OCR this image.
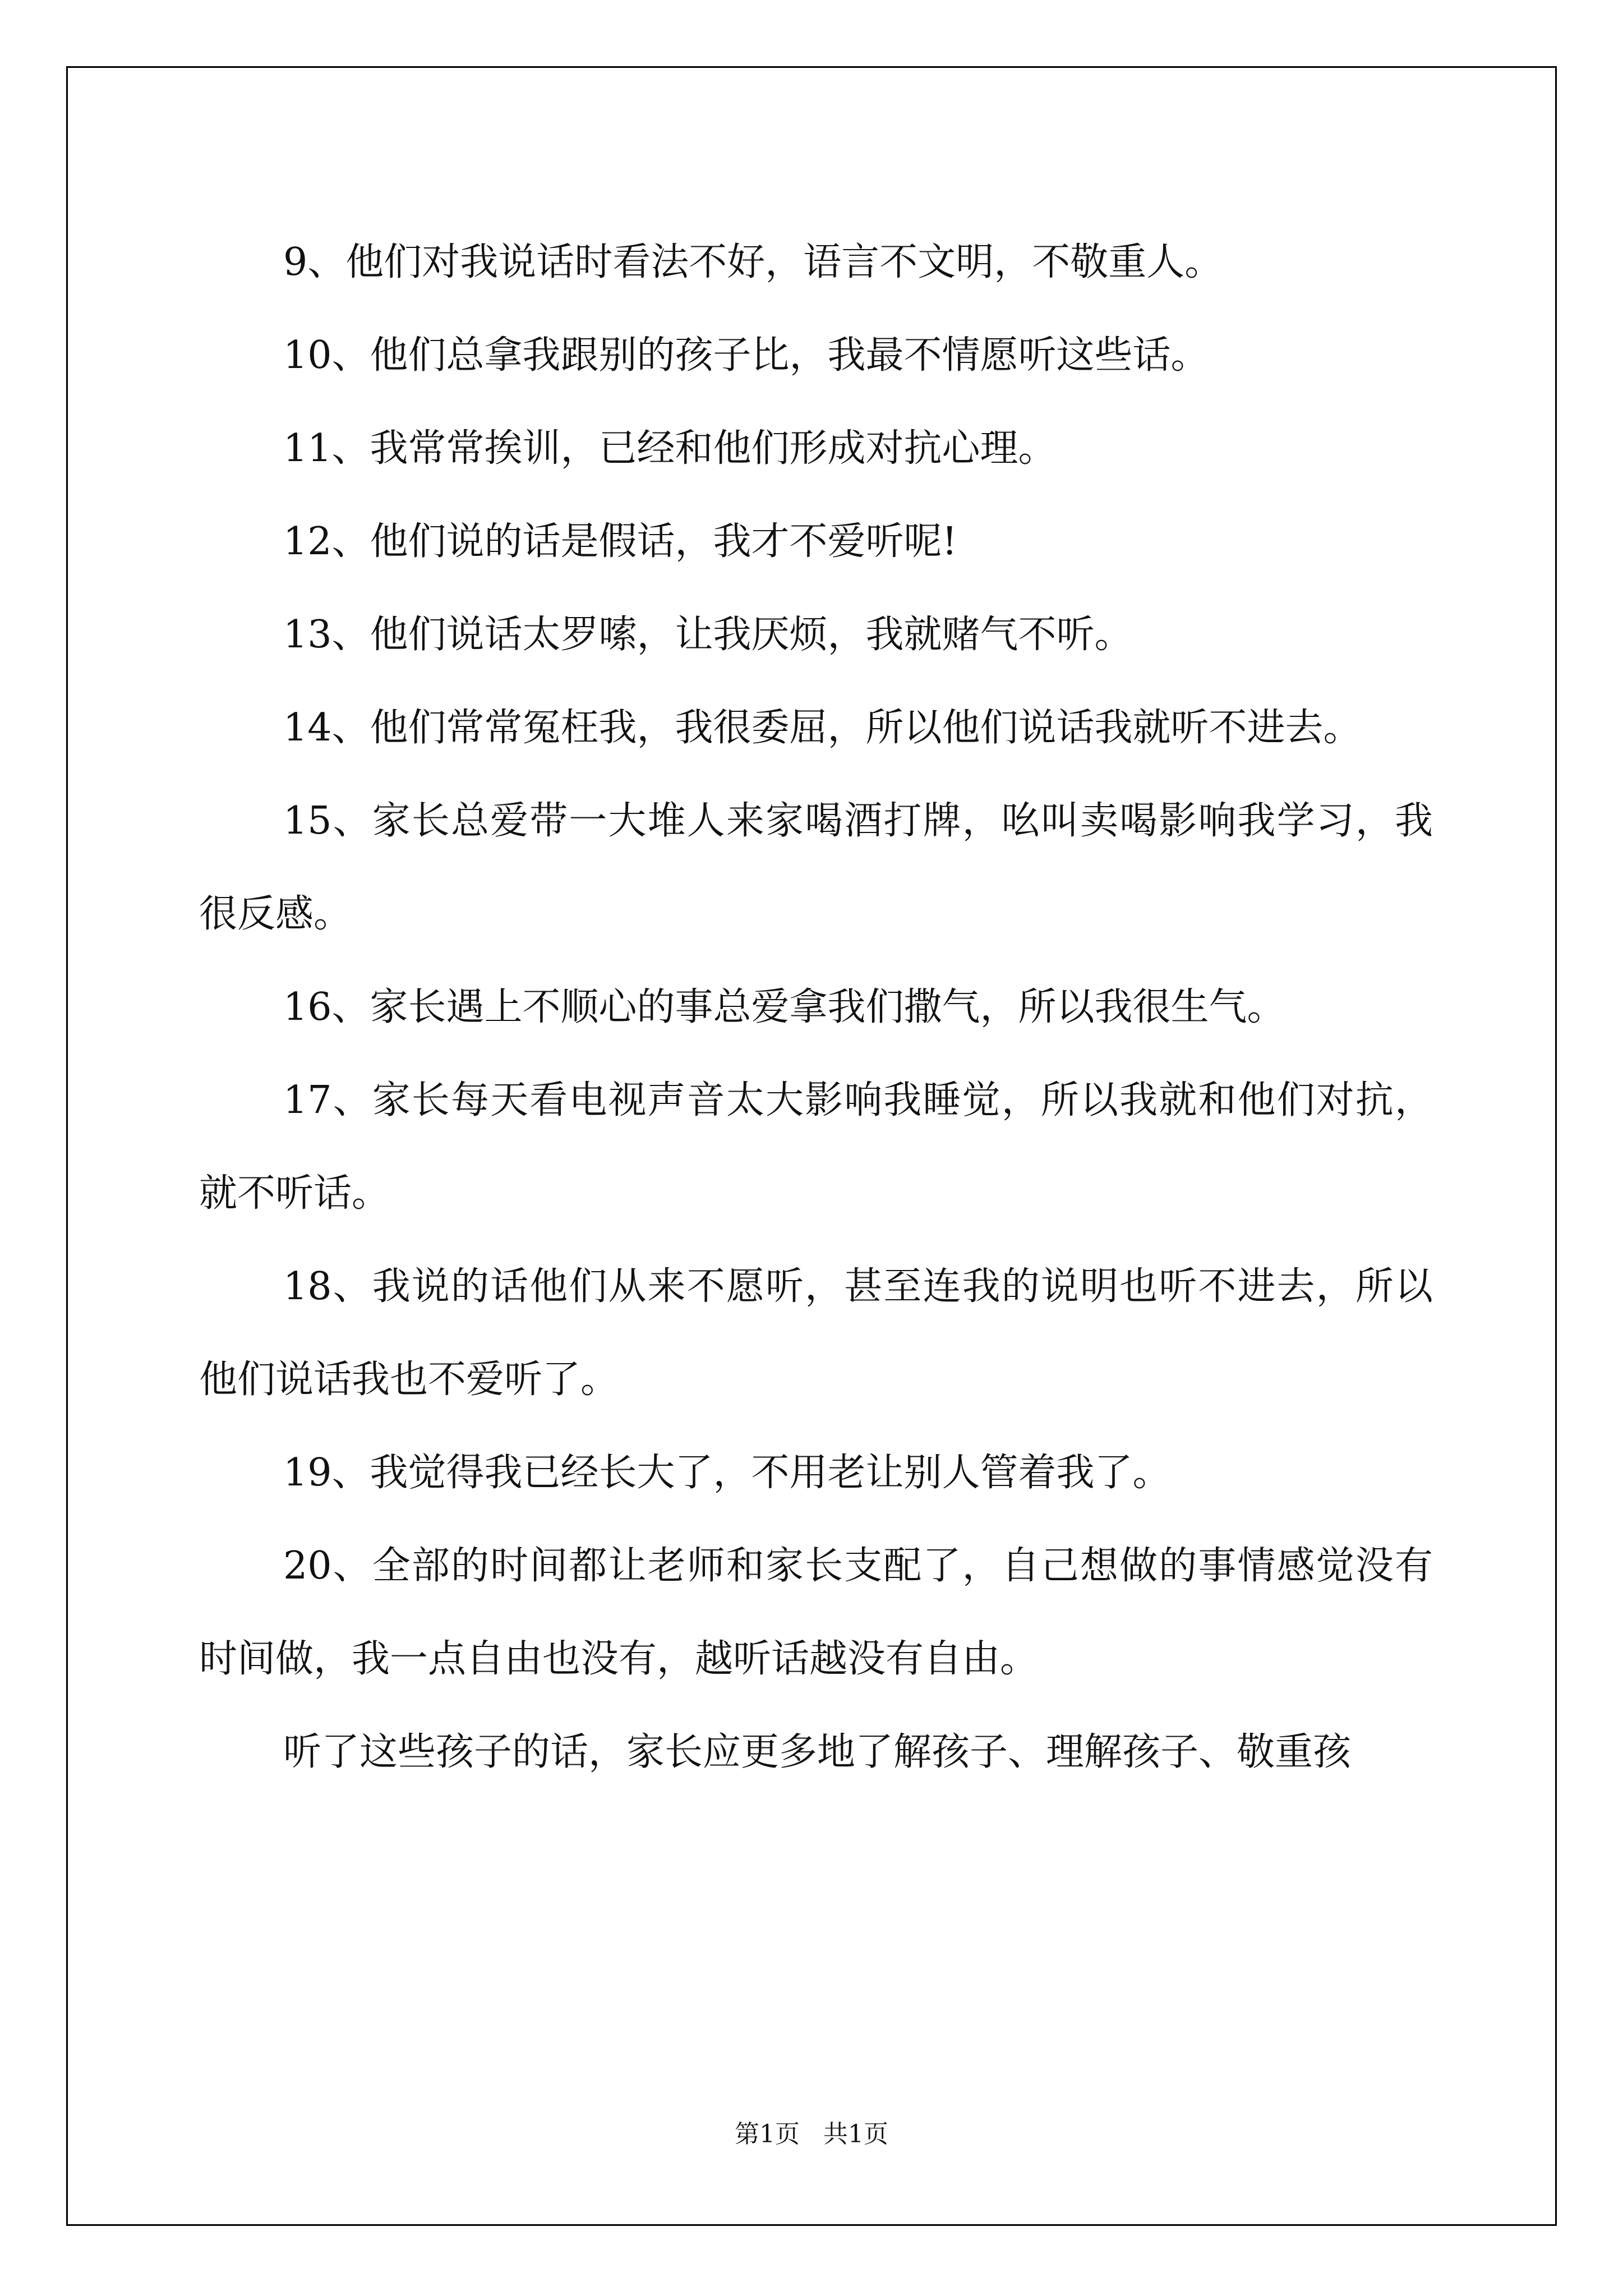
9、他们对我说话时看法不好，语言不文明，不敬重人。

10、他们总拿我跟别的孩子比，我最不情愿听这些话。

11、我常常挨训，已经和他们形成对抗心理。

12、他们说的话是假话，我才不爱听呢!

13、他们说话太罗嗦，让我厌烦，我就赌气不听。

14、他们常常冤枉我，我很委屈，所以他们说话我就听不进去。

15、家长总爱带一大堆人来家喝酒打牌，吆叫卖喝影响我学习，我很反感。

16、家长遇上不顺心的事总爱拿我们撒气，所以我很生气。

17、家长每天看电视声音太大影响我睡觉，所以我就和他们对抗，就不听话。

18、我说的话他们从来不愿听，甚至连我的说明也听不进去，所以他们说话我也不爱听了。

19、我觉得我已经长大了，不用老让别人管着我了。

20、全部的时间都让老师和家长支配了，自己想做的事情感觉没有时间做，我一点自由也没有，越听话越没有自由。

听了这些孩子的话，家长应更多地了解孩子、理解孩子、敬重孩

第1页 共1页
